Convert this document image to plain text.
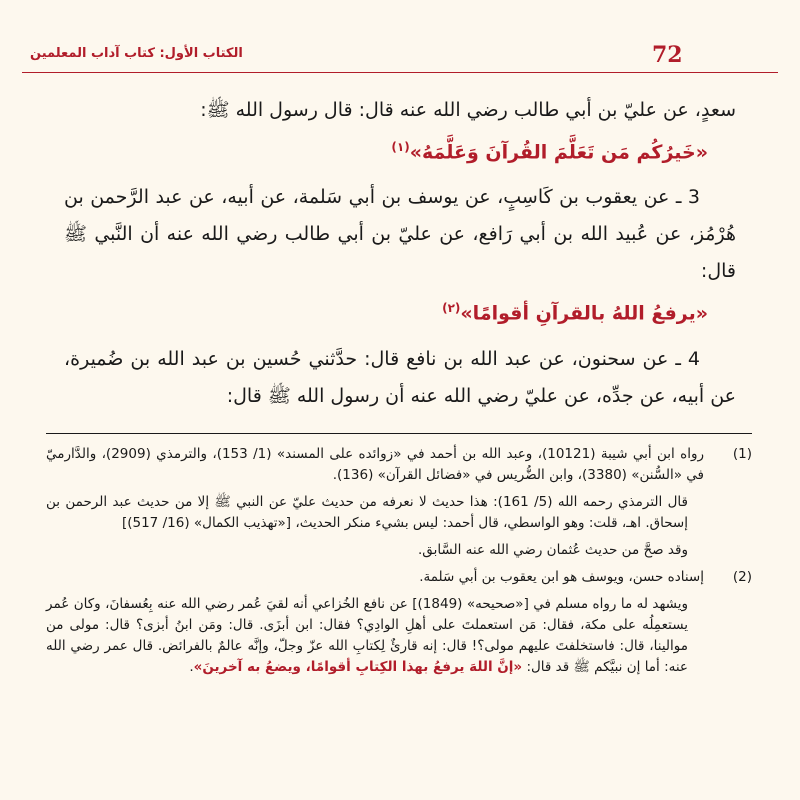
الكتاب الأول: كتاب آداب المعلمين	72

سعدٍ، عن عليّ بن أبي طالب رضي الله عنه قال: قال رسول الله ﷺ:

«خَيرُكُم مَن تَعَلَّمَ القُرآنَ وَعَلَّمَهُ»$^{(١)}$

3 ـ عن يعقوب بن كَاسِبٍ، عن يوسف بن أبي سَلمة، عن أبيه، عن عبد الرَّحمن بن هُرْمُز، عن عُبيد الله بن أبي رَافع، عن عليّ بن أبي طالب رضي الله عنه أن النَّبي ﷺ قال:

«يرفعُ اللهُ بالقرآنِ أقوامًا»$^{(٢)}$

4 ـ عن سحنون، عن عبد الله بن نافع قال: حدَّثني حُسين بن عبد الله بن ضُميرة، عن أبيه، عن جدِّه، عن عليّ رضي الله عنه أن رسول الله ﷺ قال:

(1)
رواه ابن أبي شيبة (10121)، وعبد الله بن أحمد في «زوائده على المسند» (1/ 153)، والترمذي (2909)، والدَّارميّ في «السُّنن» (3380)، وابن الضُّريس في «فضائل القرآن» (136).

قال الترمذي رحمه الله (5/ 161): هذا حديث لا نعرفه من حديث عليّ عن النبي ﷺ إلا من حديث عبد الرحمن بن إسحاق. اهـ، قلت: وهو الواسطي، قال أحمد: ليس بشيء منكر الحديث، [«تهذيب الكمال» (16/ 517)]

وقد صحَّ من حديث عُثمان رضي الله عنه السَّابق.

(2)
إسناده حسن، ويوسف هو ابن يعقوب بن أبي سَلمة.

ويشهد له ما رواه مسلم في [«صحيحه» (1849)] عن نافع الخُزاعي أنه لقيَ عُمر رضي الله عنه بِعُسفانَ، وكان عُمر يستعمِلُه على مكة، فقال: مَن استعملتَ على أهلِ الوادِي؟ فقال: ابن أبزَى. قال: ومَن ابنُ أبزى؟ قال: مولى من موالينا، قال: فاستخلفتَ عليهم مولى؟! قال: إنه قارئٌ لِكتابِ الله عزّ وجلّ، وإنَّه عالمٌ بالفرائض. قال عمر رضي الله عنه: أما إن نبيَّكم ﷺ قد قال: «إنَّ اللهَ يرفعُ بهذا الكِتابِ أقوامًا، ويضعُ به آخرينَ».
